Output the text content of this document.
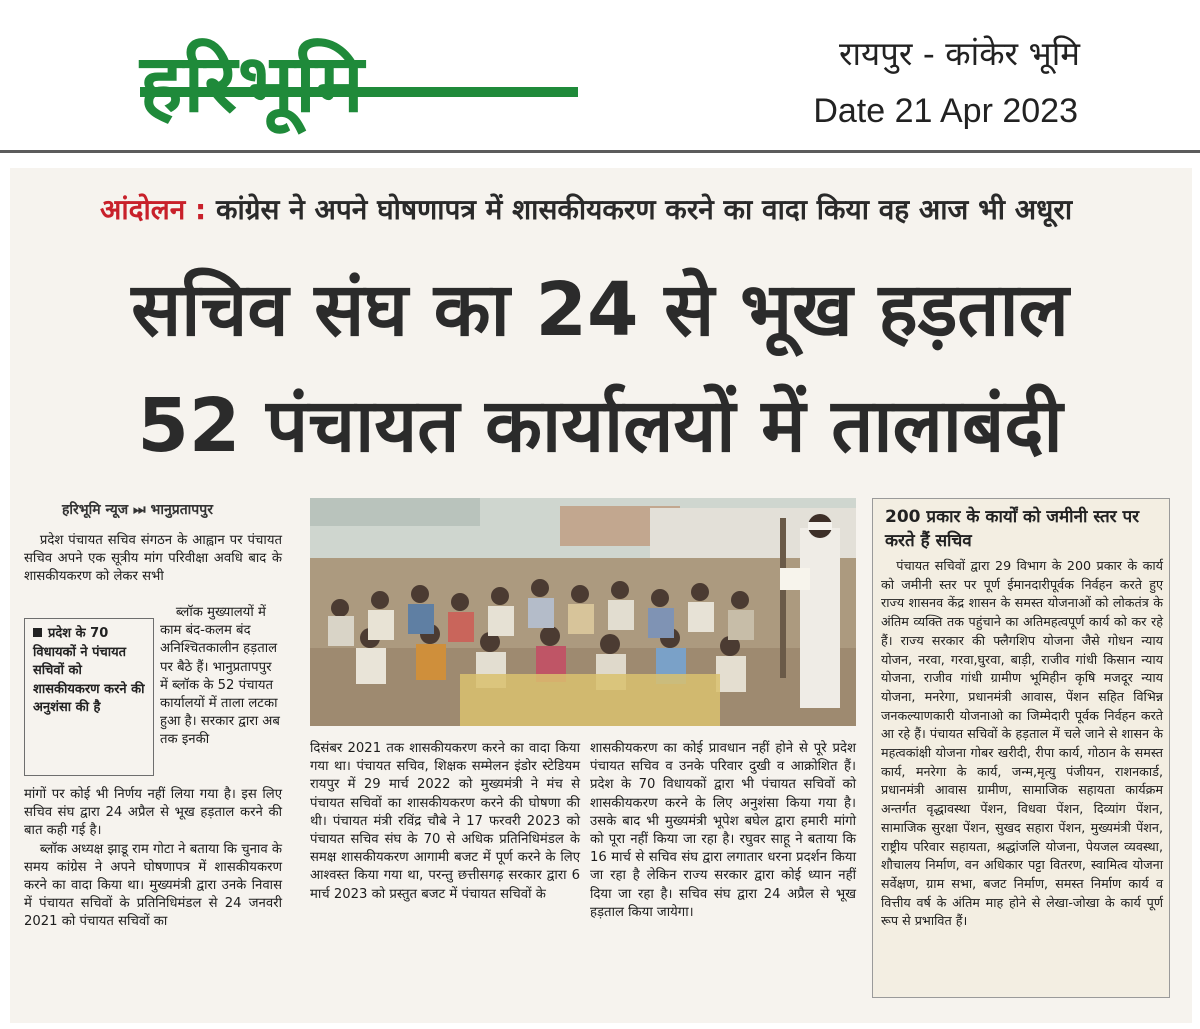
हरिभूमि	रायपुर - कांकेर भूमि
Date 21 Apr 2023
आंदोलन : कांग्रेस ने अपने घोषणापत्र में शासकीयकरण करने का वादा किया वह आज भी अधूरा
सचिव संघ का 24 से भूख हड़ताल
52 पंचायत कार्यालयों में तालाबंदी
हरिभूमि न्यूज ⏭ भानुप्रतापपुर

प्रदेश पंचायत सचिव संगठन के आह्वान पर पंचायत सचिव अपने एक सूत्रीय मांग परिवीक्षा अवधि बाद के शासकीयकरण को लेकर सभी

प्रदेश के 70 विधायकों ने पंचायत सचिवों को शासकीयकरण करने की अनुशंसा की है

ब्लॉक मुख्यालयों में काम बंद-कलम बंद अनिश्चितकालीन हड़ताल पर बैठे हैं। भानुप्रतापपुर में ब्लॉक के 52 पंचायत कार्यालयों में ताला लटका हुआ है। सरकार द्वारा अब तक इनकी

मांगों पर कोई भी निर्णय नहीं लिया गया है। इस लिए सचिव संघ द्वारा 24 अप्रैल से भूख हड़ताल करने की बात कही गई है।

ब्लॉक अध्यक्ष झाडू राम गोटा ने बताया कि चुनाव के समय कांग्रेस ने अपने घोषणापत्र में शासकीयकरण करने का वादा किया था। मुख्यमंत्री द्वारा उनके निवास में पंचायत सचिवों के प्रतिनिधिमंडल से 24 जनवरी 2021 को पंचायत सचिवों का

दिसंबर 2021 तक शासकीयकरण करने का वादा किया गया था। पंचायत सचिव, शिक्षक सम्मेलन इंडोर स्टेडियम रायपुर में 29 मार्च 2022 को मुख्यमंत्री ने मंच से पंचायत सचिवों का शासकीयकरण करने की घोषणा की थी। पंचायत मंत्री रविंद्र चौबे ने 17 फरवरी 2023 को पंचायत सचिव संघ के 70 से अधिक प्रतिनिधिमंडल के समक्ष शासकीयकरण आगामी बजट में पूर्ण करने के लिए आश्वस्त किया गया था, परन्तु छत्तीसगढ़ सरकार द्वारा 6 मार्च 2023 को प्रस्तुत बजट में पंचायत सचिवों के

शासकीयकरण का कोई प्रावधान नहीं होने से पूरे प्रदेश पंचायत सचिव व उनके परिवार दुखी व आक्रोशित हैं। प्रदेश के 70 विधायकों द्वारा भी पंचायत सचिवों को शासकीयकरण करने के लिए अनुशंसा किया गया है। उसके बाद भी मुख्यमंत्री भूपेश बघेल द्वारा हमारी मांगो को पूरा नहीं किया जा रहा है। रघुवर साहू ने बताया कि 16 मार्च से सचिव संघ द्वारा लगातार धरना प्रदर्शन किया जा रहा है लेकिन राज्य सरकार द्वारा कोई ध्यान नहीं दिया जा रहा है। सचिव संघ द्वारा 24 अप्रैल से भूख हड़ताल किया जायेगा।

200 प्रकार के कार्यों को जमीनी स्तर पर करते हैं सचिव

पंचायत सचिवों द्वारा 29 विभाग के 200 प्रकार के कार्य को जमीनी स्तर पर पूर्ण ईमानदारीपूर्वक निर्वहन करते हुए राज्य शासनव केंद्र शासन के समस्त योजनाओं को लोकतंत्र के अंतिम व्यक्ति तक पहुंचाने का अतिमहत्वपूर्ण कार्य को कर रहे हैं। राज्य सरकार की फ्लैगशिप योजना जैसे गोधन न्याय योजन, नरवा, गरवा,घुरवा, बाड़ी, राजीव गांधी किसान न्याय योजना, राजीव गांधी ग्रामीण भूमिहीन कृषि मजदूर न्याय योजना, मनरेगा, प्रधानमंत्री आवास, पेंशन सहित विभिन्न जनकल्याणकारी योजनाओ का जिम्मेदारी पूर्वक निर्वहन करते आ रहे हैं। पंचायत सचिवों के हड़ताल में चले जाने से शासन के महत्वकांक्षी योजना गोबर खरीदी, रीपा कार्य, गोठान के समस्त कार्य, मनरेगा के कार्य, जन्म,मृत्यु पंजीयन, राशनकार्ड, प्रधानमंत्री आवास ग्रामीण, सामाजिक सहायता कार्यक्रम अन्तर्गत वृद्धावस्था पेंशन, विधवा पेंशन, दिव्यांग पेंशन, सामाजिक सुरक्षा पेंशन, सुखद सहारा पेंशन, मुख्यमंत्री पेंशन, राष्ट्रीय परिवार सहायता, श्रद्धांजलि योजना, पेयजल व्यवस्था, शौचालय निर्माण, वन अधिकार पट्टा वितरण, स्वामित्व योजना सर्वेक्षण, ग्राम सभा, बजट निर्माण, समस्त निर्माण कार्य व वित्तीय वर्ष के अंतिम माह होने से लेखा-जोखा के कार्य पूर्ण रूप से प्रभावित हैं।
